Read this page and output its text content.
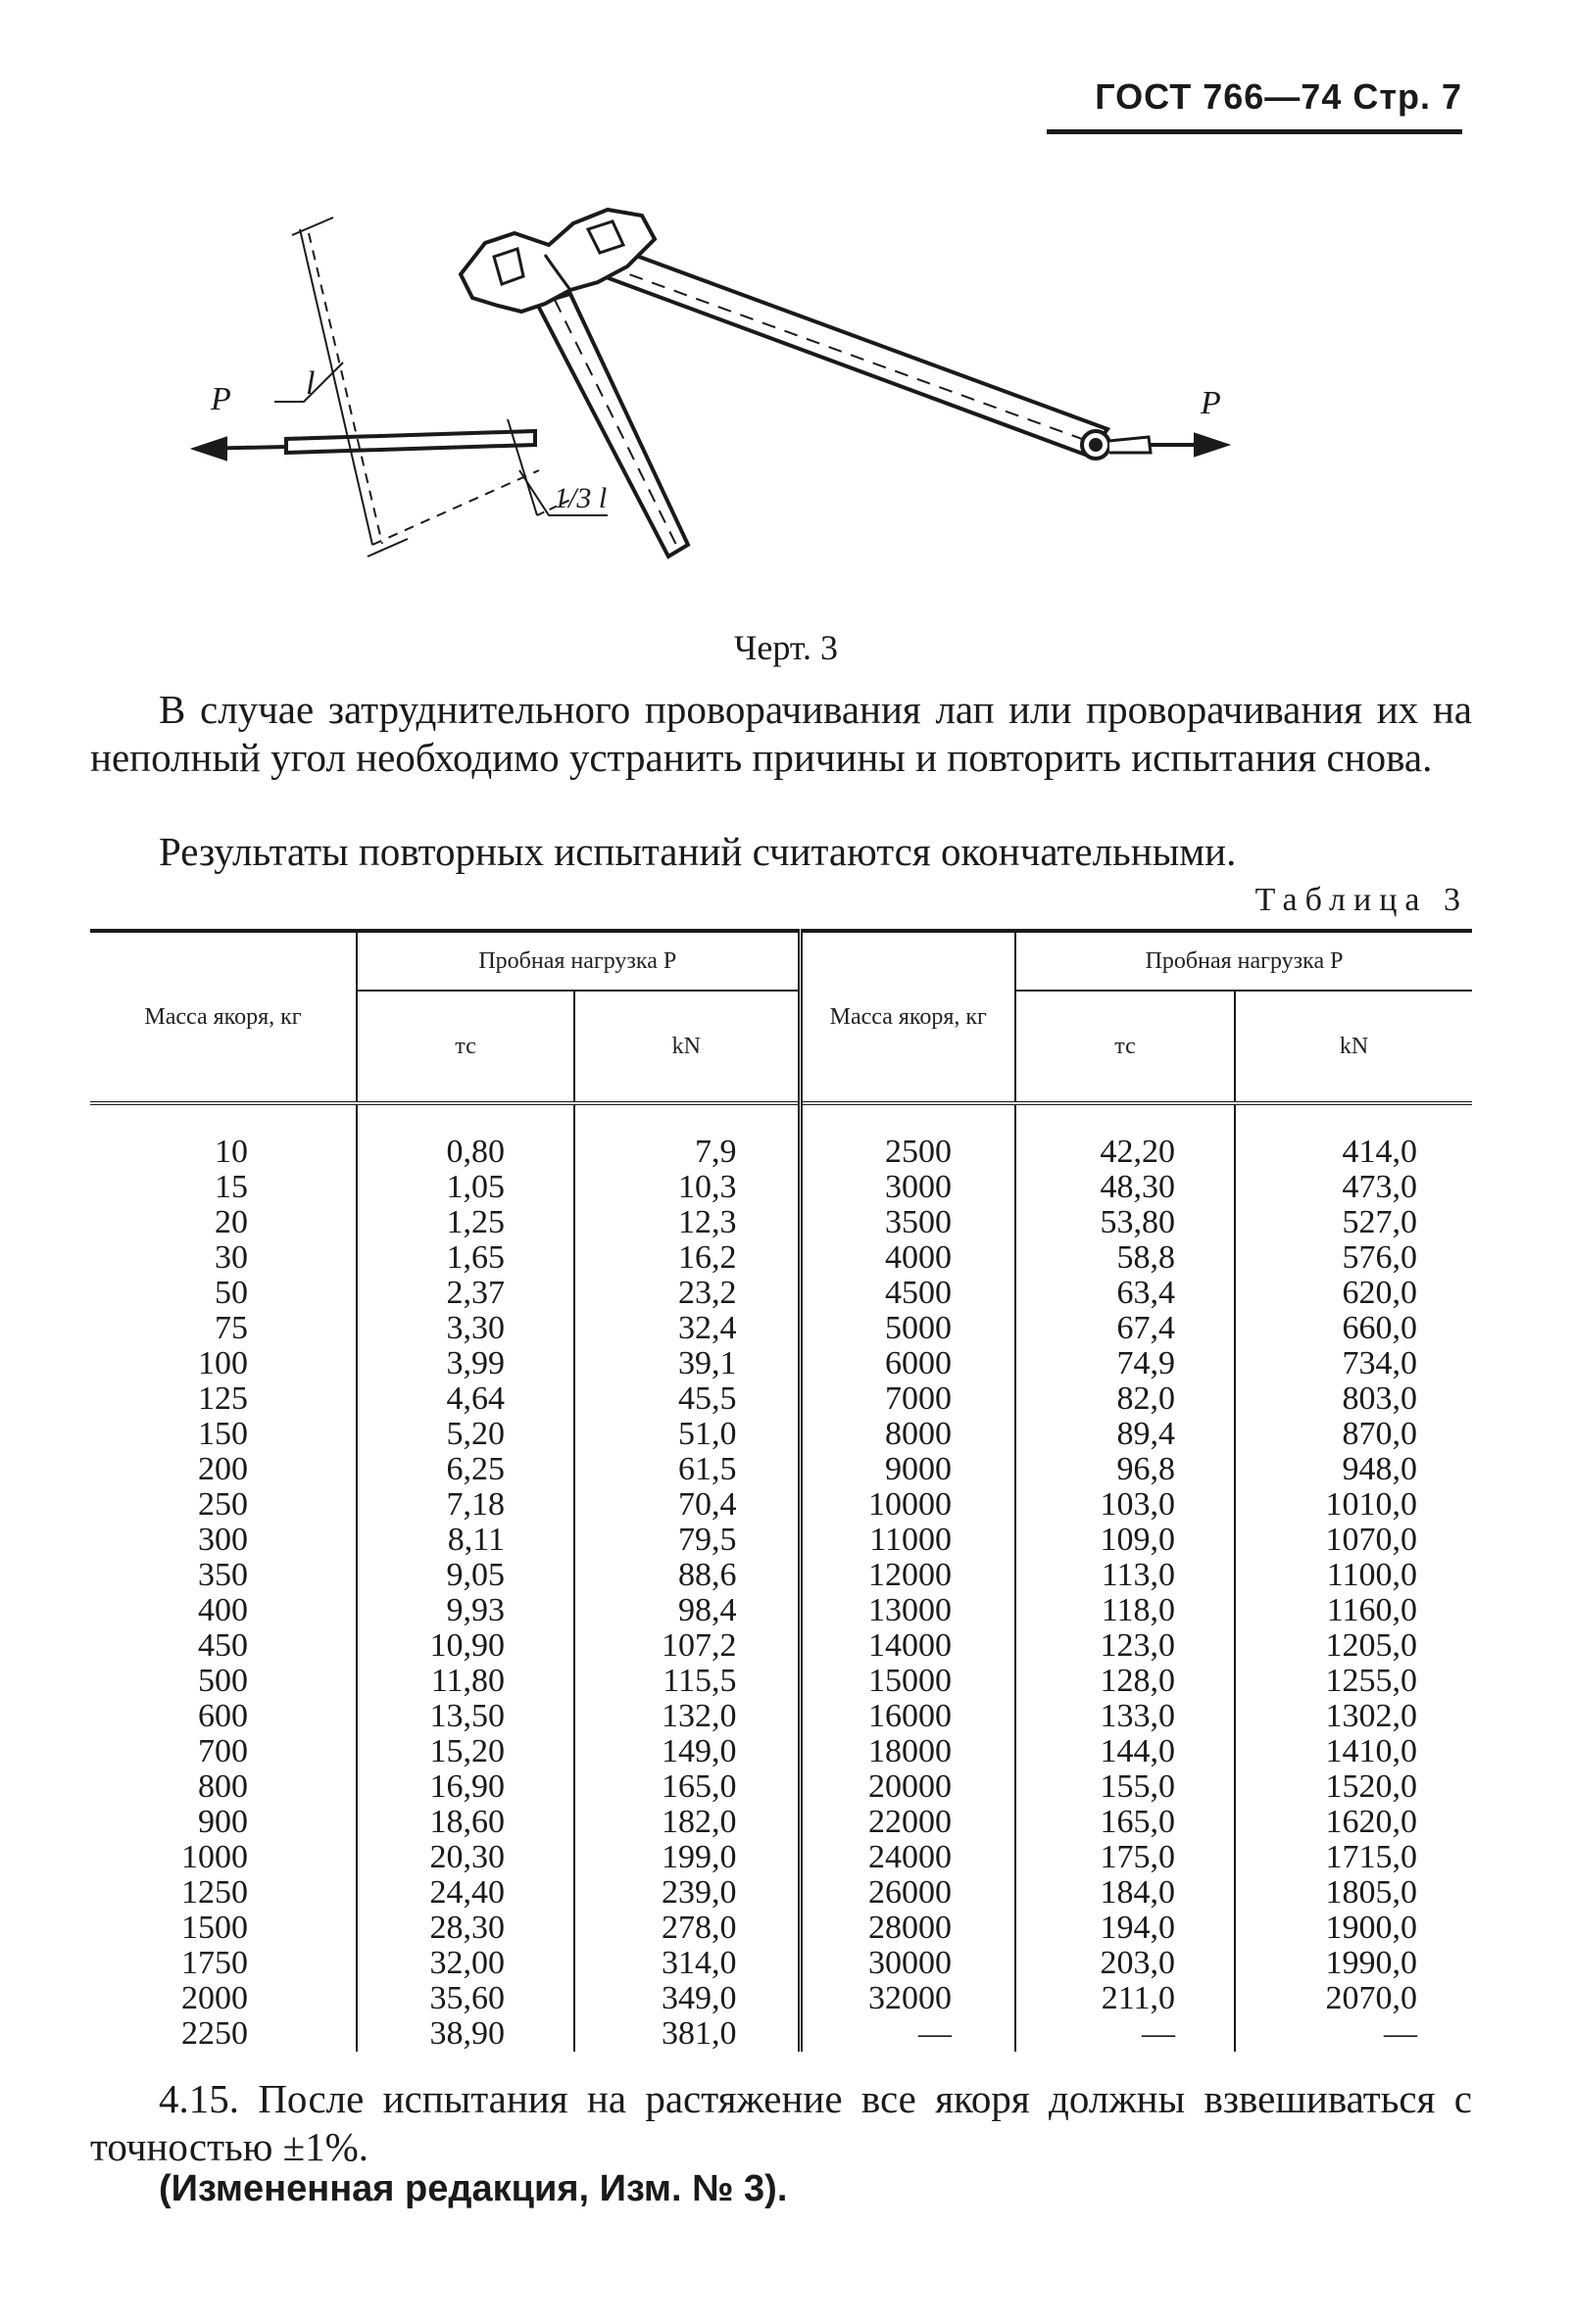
ГОСТ 766—74 Стр. 7
P	P
l
1/3 l
Черт. 3

В случае затруднительного проворачивания лап или проворачивания их на неполный угол необходимо устранить причины и повторить испытания снова.

Результаты повторных испытаний считаются окончательными.

Таблица 3
Масса якоря, кг	Пробная нагрузка P		Масса якоря, кг	Пробная нагрузка P	
	тс	kN		тс	kN

10	0,80	7,9	2500	42,20	414,0
15	1,05	10,3	3000	48,30	473,0
20	1,25	12,3	3500	53,80	527,0
30	1,65	16,2	4000	58,8	576,0
50	2,37	23,2	4500	63,4	620,0
75	3,30	32,4	5000	67,4	660,0
100	3,99	39,1	6000	74,9	734,0
125	4,64	45,5	7000	82,0	803,0
150	5,20	51,0	8000	89,4	870,0
200	6,25	61,5	9000	96,8	948,0
250	7,18	70,4	10000	103,0	1010,0
300	8,11	79,5	11000	109,0	1070,0
350	9,05	88,6	12000	113,0	1100,0
400	9,93	98,4	13000	118,0	1160,0
450	10,90	107,2	14000	123,0	1205,0
500	11,80	115,5	15000	128,0	1255,0
600	13,50	132,0	16000	133,0	1302,0
700	15,20	149,0	18000	144,0	1410,0
800	16,90	165,0	20000	155,0	1520,0
900	18,60	182,0	22000	165,0	1620,0
1000	20,30	199,0	24000	175,0	1715,0
1250	24,40	239,0	26000	184,0	1805,0
1500	28,30	278,0	28000	194,0	1900,0
1750	32,00	314,0	30000	203,0	1990,0
2000	35,60	349,0	32000	211,0	2070,0
2250	38,90	381,0	—	—	—

4.15. После испытания на растяжение все якоря должны взвешиваться с точностью ±1%.

(Измененная редакция, Изм. № 3).
